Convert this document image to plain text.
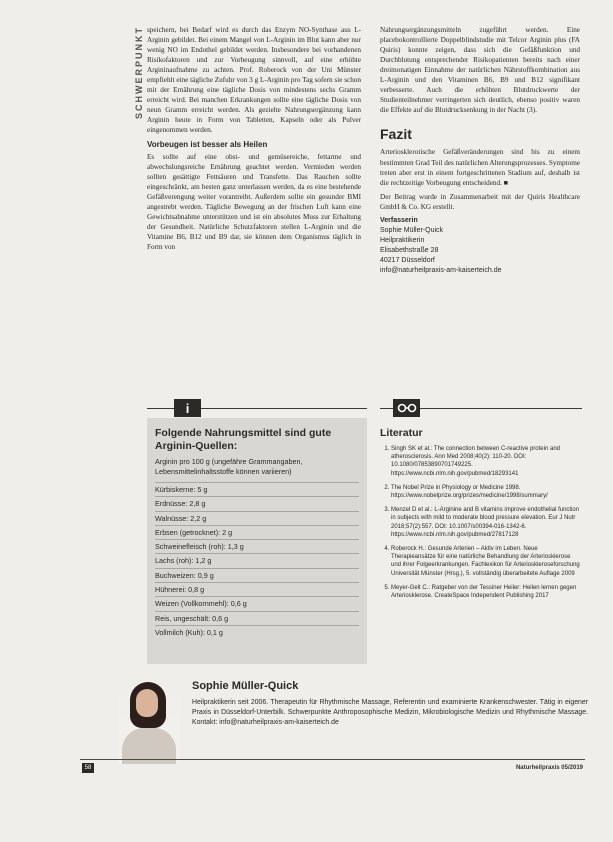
SCHWERPUNKT speichern, bei Bedarf wird es durch das Enzym NO-Synthase aus L-Arginin gebildet. Bei einem Mangel von L-Arginin im Blut kann aber nur wenig NO im Endothel gebildet werden. Insbesondere bei vorhandenen Risikofaktoren und zur Vorbeugung sinnvoll, auf eine erhöhte Argininaufnahme zu achten. Prof. Roberock von der Uni Münster empfiehlt eine tägliche Zufuhr von 3 g L-Arginin pro Tag sofern sie schon mit der Ernährung eine tägliche Dosis von mindestens sechs Gramm erreicht wird. Bei manchen Erkrankungen sollte eine tägliche Dosis von neun Gramm erreicht werden. Als gezielte Nahrungsergänzung kann Arginin heute in Form von Tabletten, Kapseln oder als Pulver eingenommen werden.

Vorbeugen ist besser als Heilen

Es sollte auf eine obst- und gemüsereiche, fettarme und abwechslungsreiche Ernährung geachtet werden. Vermieden werden sollten gesättigte Fettsäuren und Transfette. Das Rauchen sollte eingeschränkt, am besten ganz unterlassen werden, da es eine bestehende Gefäßverengung weiter vorantreibt. Außerdem sollte ein gesunder BMI angestrebt werden. Tägliche Bewegung an der frischen Luft kann eine Gewichtsabnahme unterstützen und ist ein absolutes Muss zur Erhaltung der Gesundheit. Natürliche Schutzfaktoren stellen L-Arginin und die Vitamine B6, B12 und B9 dar, sie können dem Organismus täglich in Form von

Nahrungsergänzungsmitteln zugeführt werden. Eine placebokontrollierte Doppelblindstudie mit Telcor Arginin plus (FA Quiris) konnte zeigen, dass sich die Gefäßfunktion und Durchblutung entsprechender Risikopatienten bereits nach einer dreimonatigen Einnahme der natürlichen Nährstoffkombination aus L-Arginin und den Vitaminen B6, B9 und B12 signifikant verbesserte. Auch die erhöhten Blutdruckwerte der Studienteilnehmer verringerten sich deutlich, ebenso positiv waren die Effekte auf die Blutdrucksenkung in der Nacht (3).

Fazit

Arteriosklerotische Gefäßveränderungen sind bis zu einem bestimmten Grad Teil des natürlichen Alterungsprozesses. Symptome treten aber erst in einem fortgeschrittenen Stadium auf, deshalb ist die rechtzeitige Vorbeugung entscheidend. ■

Der Beitrag wurde in Zusammenarbeit mit der Quiris Healthcare GmbH & Co. KG erstellt.

Verfasserin
Sophie Müller-Quick
Heilpraktikerin
Elisabethstraße 28
40217 Düsseldorf
info@naturheilpraxis-am-kaiserteich.de
i
Folgende Nahrungsmittel sind gute Arginin-Quellen:
Arginin pro 100 g (ungefähre Grammangaben, Lebensmittelinhaltsstoffe können variieren)
Kürbiskerne: 5 g
Erdnüsse: 2,8 g
Walnüsse: 2,2 g
Erbsen (getrocknet): 2 g
Schweinefleisch (roh): 1,3 g
Lachs (roh): 1,2 g
Buchweizen: 0,9 g
Hühnerei: 0,8 g
Weizen (Vollkornmehl): 0,6 g
Reis, ungeschält: 0,6 g
Vollmilch (Kuh): 0,1 g
Literatur
1. Singh SK et al.: The connection between C-reactive protein and atherosclerosis. Ann Med 2008;40(2): 110-20. DOI: 10.1080/07853890701749225. https://www.ncbi.nlm.nih.gov/pubmed/18293141
2. The Nobel Prize in Physiology or Medicine 1998. https://www.nobelprize.org/prizes/medicine/1998/summary/
3. Menzel D et al.: L-Arginine and B vitamins improve endothelial function in subjects with mild to moderate blood pressure elevation. Eur J Nutr 2018;57(2):557. DOI: 10.1007/s00394-016-1342-6. https://www.ncbi.nlm.nih.gov/pubmed/27817128
4. Roberock H.: Gesunde Arterien – Aktiv im Leben. Neue Therapieansätze für eine natürliche Behandlung der Arteriosklerose und ihrer Folgeerkrankungen. Fachlexikon für Arterioskleroseforschung Universität Münster (Hrsg.), 5. vollständig überarbeitete Auflage 2009
5. Meyer-Gelt C.: Ratgeber von der Tessiner Heiler: Heilen lernen gegen Arteriosklerose. CreateSpace Independent Publishing 2017
Sophie Müller-Quick

Heilpraktikerin seit 2006. Therapeutin für Rhythmische Massage, Referentin und examinierte Krankenschwester. Tätig in eigener Praxis in Düsseldorf-Unterbilk. Schwerpunkte Anthroposophische Medizin, Mikrobiologische Medizin und Rhythmische Massage. Kontakt: info@naturheilpraxis-am-kaiserteich.de

58	Naturheilpraxis 05/2019
